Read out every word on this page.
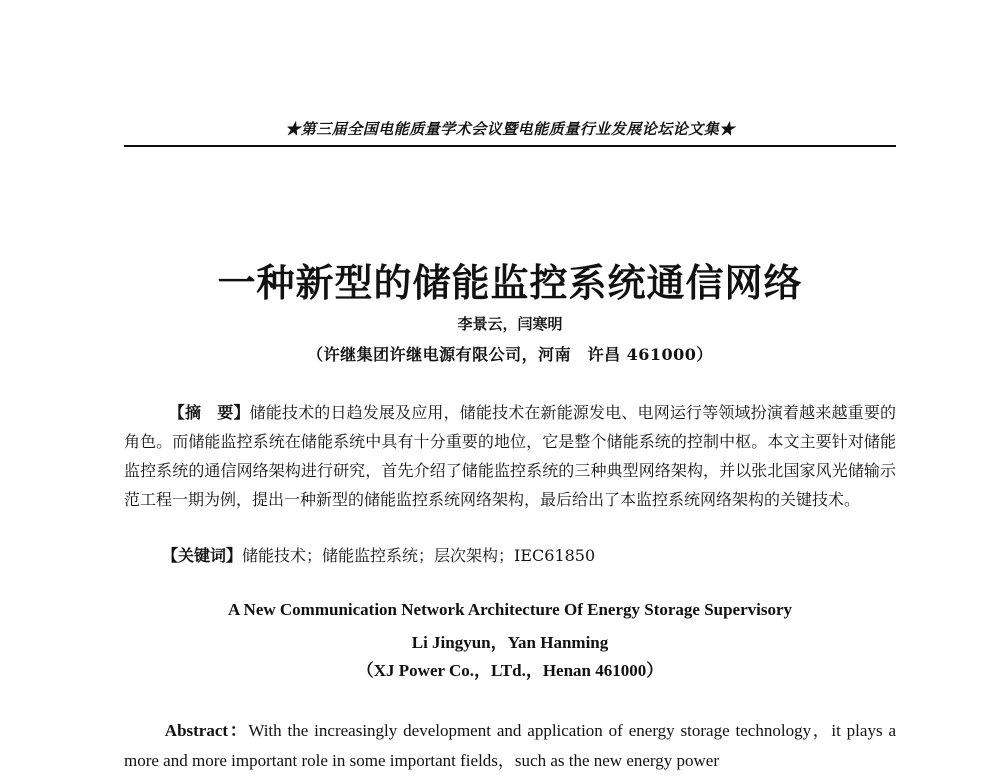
★第三届全国电能质量学术会议暨电能质量行业发展论坛论文集★
一种新型的储能监控系统通信网络
李景云，闫寒明
（许继集团许继电源有限公司，河南　许昌 461000）
【摘　要】储能技术的日趋发展及应用，储能技术在新能源发电、电网运行等领域扮演着越来越重要的角色。而储能监控系统在储能系统中具有十分重要的地位，它是整个储能系统的控制中枢。本文主要针对储能监控系统的通信网络架构进行研究，首先介绍了储能监控系统的三种典型网络架构，并以张北国家风光储输示范工程一期为例，提出一种新型的储能监控系统网络架构，最后给出了本监控系统网络架构的关键技术。
【关键词】储能技术；储能监控系统；层次架构；IEC61850
A New Communication Network Architecture Of Energy Storage Supervisory
Li Jingyun，Yan Hanming
（XJ Power Co.，LTd.，Henan 461000）
Abstract：With the increasingly development and application of energy storage technology，it plays a more and more important role in some important fields，such as the new energy power
